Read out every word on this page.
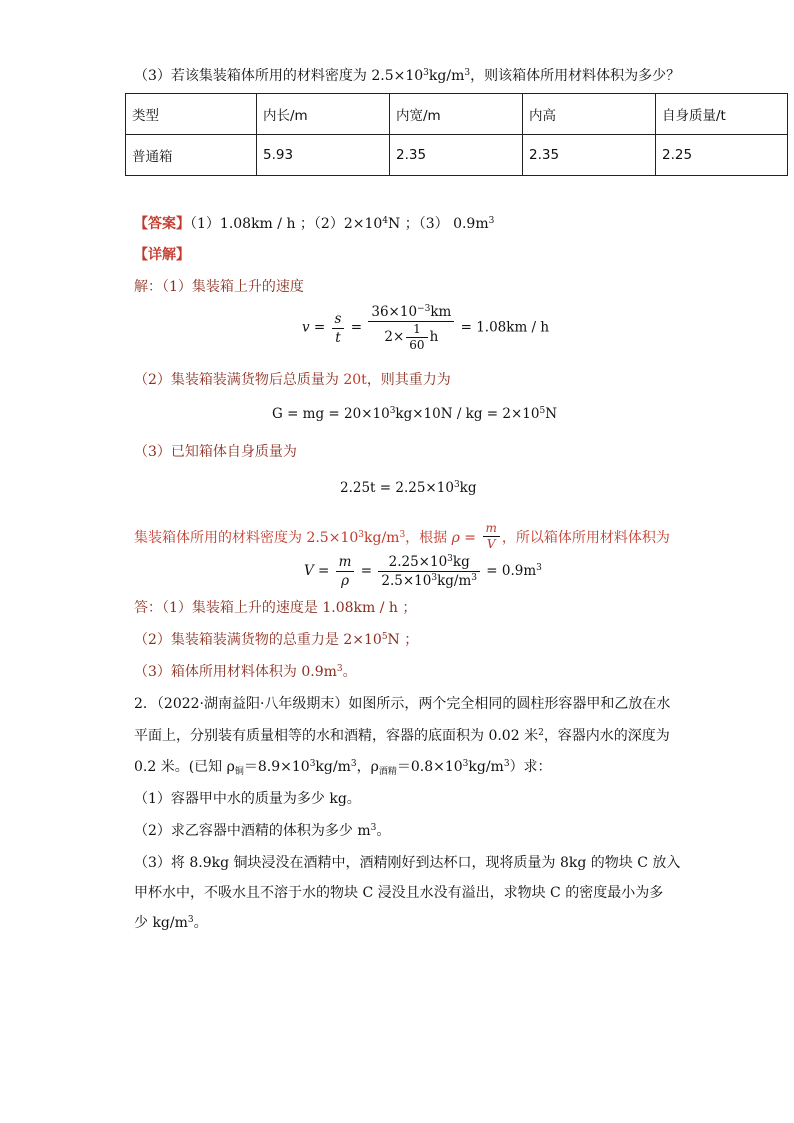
（3）若该集装箱体所用的材料密度为 $2.5\times 10^3kg/m^3$，则该箱体所用材料体积为多少？
类型	内长/m	内宽/m	内高	自身质量/t
普通箱	5.93	2.35	2.35	2.25
【答案】（1）1.08km / h ；$(2)2\times 10^4N$ ；（3） $0.9m^3$
【详解】
解：（1）集装箱上升的速度
$v = \frac{s}{t} = \frac{36\times 10^{-3}km}{2\times \frac{1}{60} h} = 1.08km / h$
（2）集装箱装满货物后总质量为 20t，则其重力为
G = mg = $20\times 10^3kg\times 10N$ / kg = $2\times 10^5N$
（3）已知箱体自身质量为
$2.25t = 2.25\times 10^3kg$
集装箱体所用的材料密度为 $2.5\times 10^3kg/m^3$，根据 $\rho = \frac{m}{V}$ ，所以箱体所用材料体积为
$V = \frac{m}{\rho} = \frac{2.25\times 10^3kg}{2.5\times 10^3kg/m^3} = 0.9m^3$
答：（1）集装箱上升的速度是 1.08km / h ；
（2）集装箱装满货物的总重力是 $2\times 10^5N$ ；
（3）箱体所用材料体积为 $0.9m^3$。
2．（2022·湖南益阳·八年级期末）如图所示，两个完全相同的圆柱形容器甲和乙放在水
平面上，分别装有质量相等的水和酒精，容器的底面积为 0.02 米$^2$，容器内水的深度为
0.2 米。(已知 $\rho_铜=8.9\times 10^3kg/m^3$，$\rho_{酒精}=0.8\times 10^3kg/m^3$）求：
（1）容器甲中水的质量为多少 kg。
（2）求乙容器中酒精的体积为多少 $m^3$。
（3）将 8.9kg 铜块浸没在酒精中，酒精刚好到达杯口，现将质量为 8kg 的物块 C 放入
甲杯水中，不吸水且不溶于水的物块 C 浸没且水没有溢出，求物块 C 的密度最小为多
少 $kg/m^3$。
